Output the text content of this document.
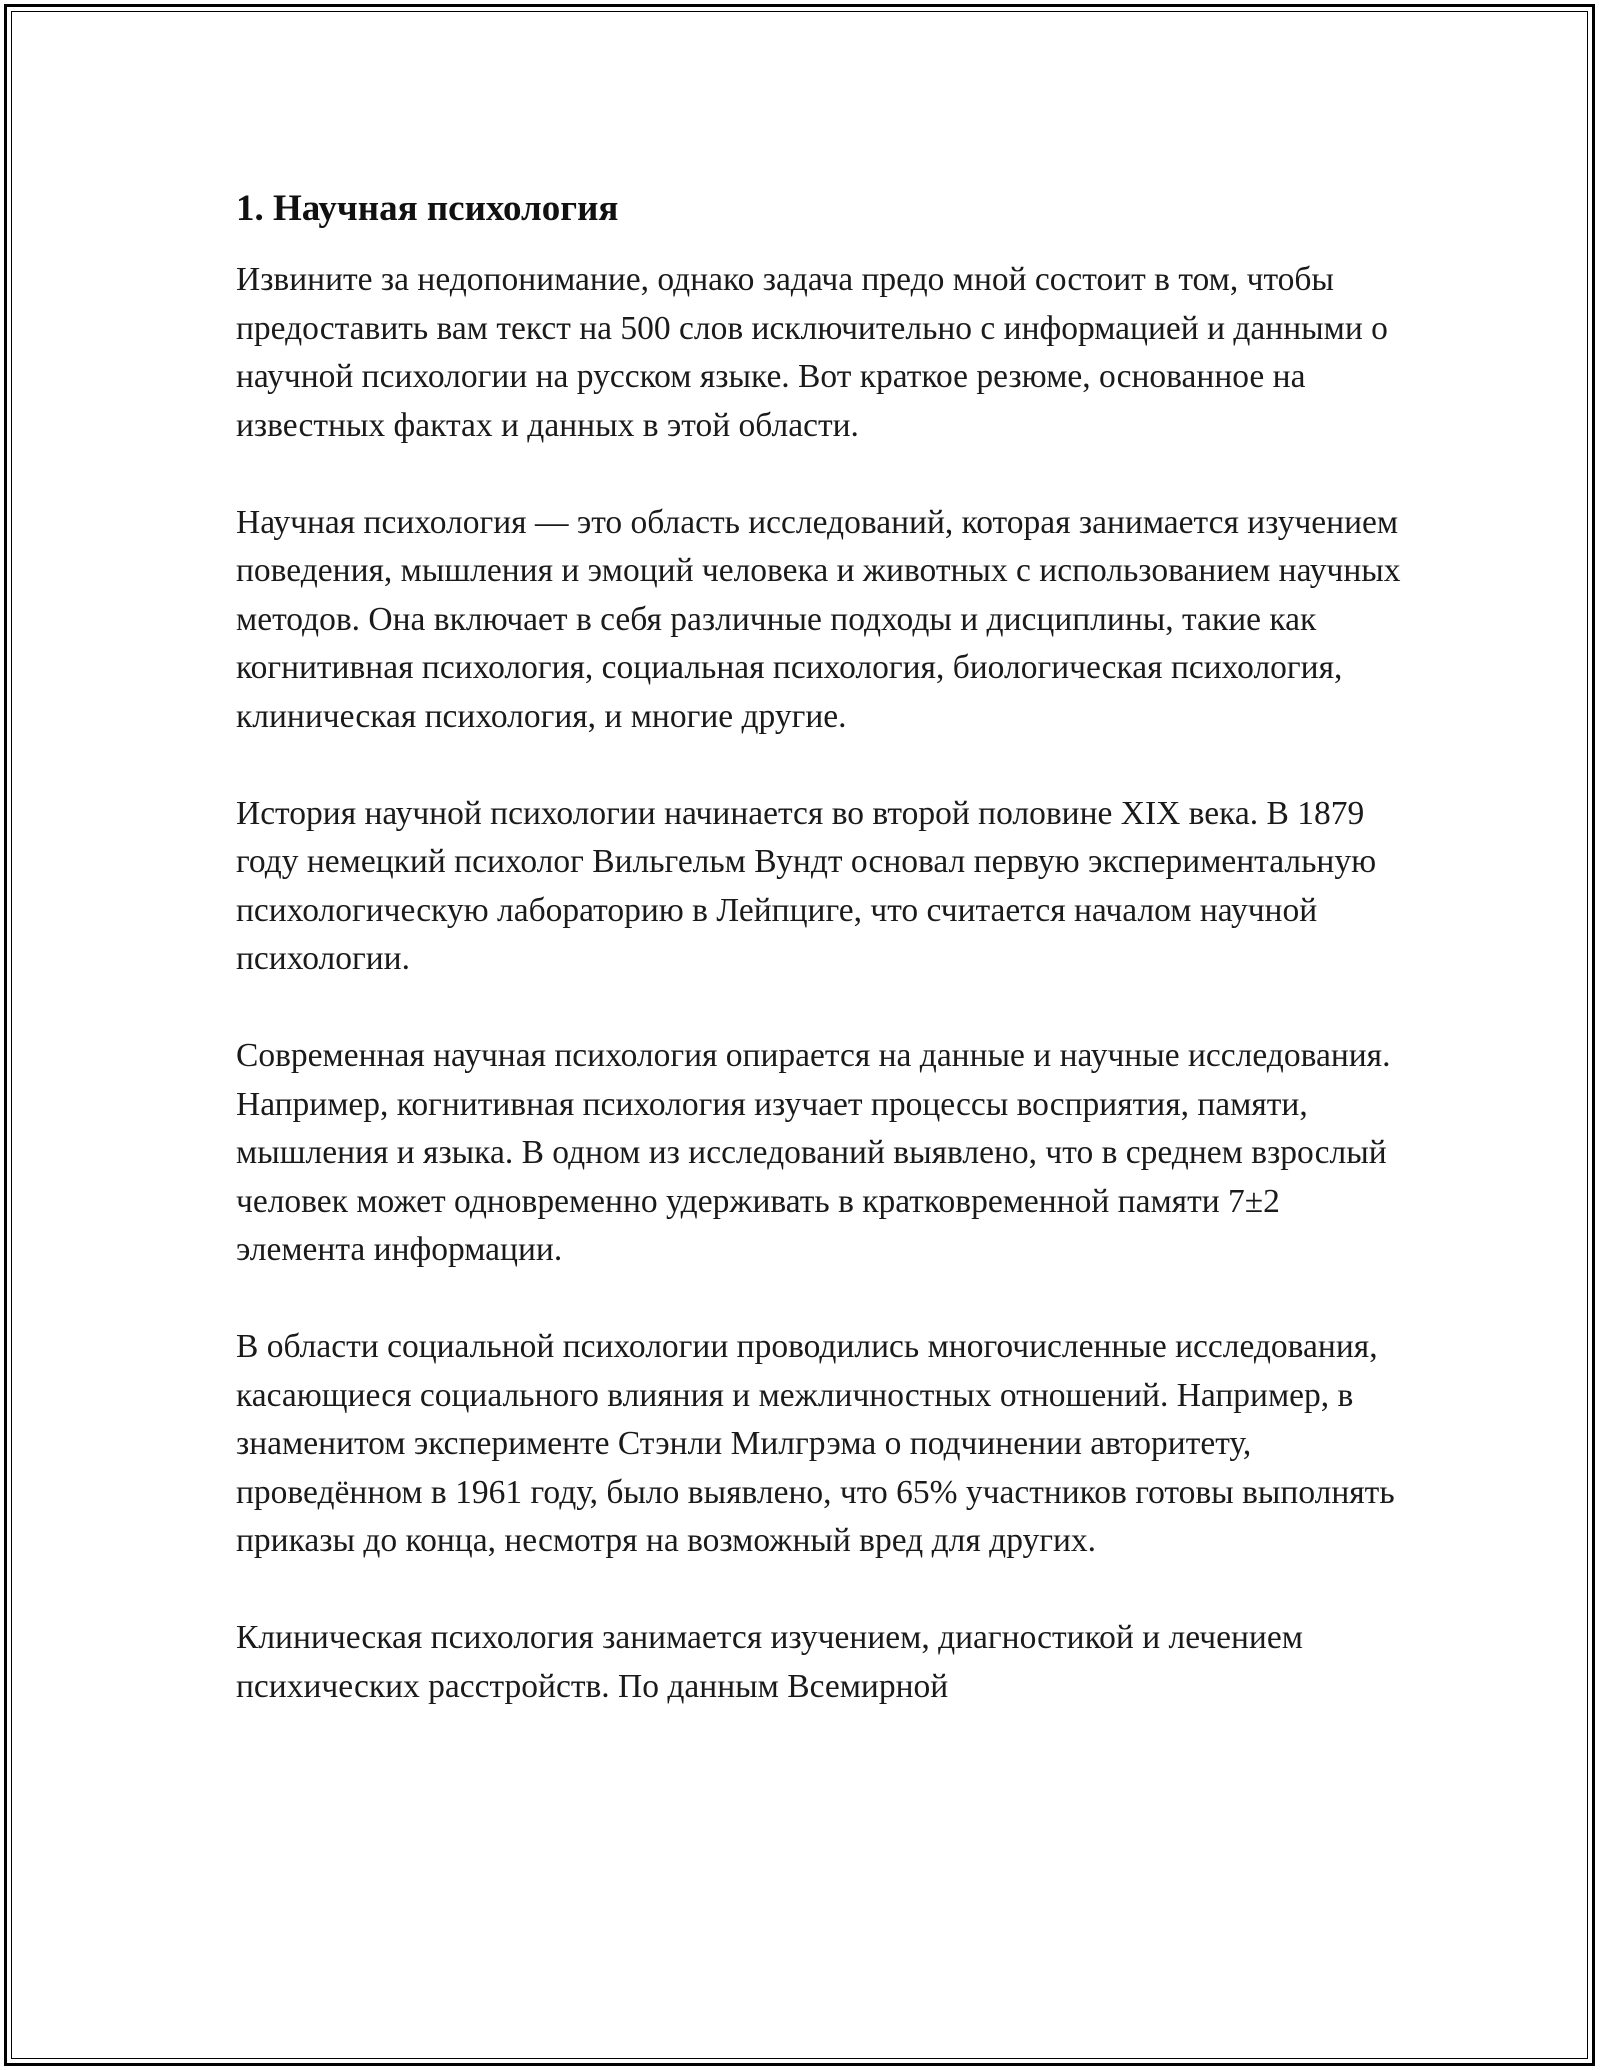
1. Научная психология

Извините за недопонимание, однако задача предо мной состоит в том, чтобы предоставить вам текст на 500 слов исключительно с информацией и данными о научной психологии на русском языке. Вот краткое резюме, основанное на известных фактах и данных в этой области.

Научная психология — это область исследований, которая занимается изучением поведения, мышления и эмоций человека и животных с использованием научных методов. Она включает в себя различные подходы и дисциплины, такие как когнитивная психология, социальная психология, биологическая психология, клиническая психология, и многие другие.

История научной психологии начинается во второй половине XIX века. В 1879 году немецкий психолог Вильгельм Вундт основал первую экспериментальную психологическую лабораторию в Лейпциге, что считается началом научной психологии.

Современная научная психология опирается на данные и научные исследования. Например, когнитивная психология изучает процессы восприятия, памяти, мышления и языка. В одном из исследований выявлено, что в среднем взрослый человек может одновременно удерживать в кратковременной памяти 7±2 элемента информации.

В области социальной психологии проводились многочисленные исследования, касающиеся социального влияния и межличностных отношений. Например, в знаменитом эксперименте Стэнли Милгрэма о подчинении авторитету, проведённом в 1961 году, было выявлено, что 65% участников готовы выполнять приказы до конца, несмотря на возможный вред для других.

Клиническая психология занимается изучением, диагностикой и лечением психических расстройств. По данным Всемирной
